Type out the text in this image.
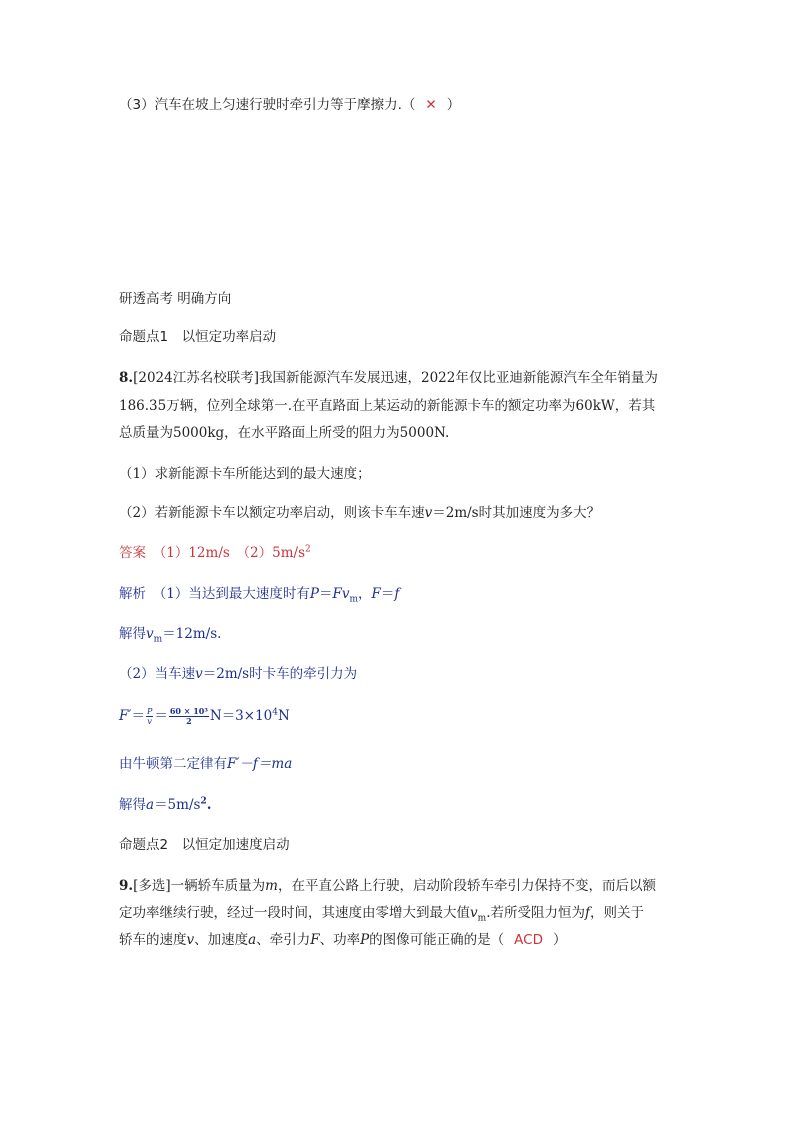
（3）汽车在坡上匀速行驶时牵引力等于摩擦力.（ ✕ ）

研透高考 明确方向

命题点1　以恒定功率启动

8.[2024江苏名校联考]我国新能源汽车发展迅速，2022年仅比亚迪新能源汽车全年销量为

186.35万辆，位列全球第一.在平直路面上某运动的新能源卡车的额定功率为60kW，若其

总质量为5000kg，在水平路面上所受的阻力为5000N.

（1）求新能源卡车所能达到的最大速度；

（2）若新能源卡车以额定功率启动，则该卡车车速v＝2m/s时其加速度为多大？

答案　（1）12m/s　$(2)5m/s^2$

解析　（1）当达到最大速度时有$P=Fv_m$，F＝f

解得$v_m=12m/s$.

（2）当车速v＝2m/s时卡车的牵引力为

$F'= \frac{P}{v} = \frac{\text{60 × 10³}}{2} N=3\times 10^4N$

由牛顿第二定律有F′－f＝ma

解得$a=5m/s^2$.

命题点2　以恒定加速度启动

9.[多选]一辆轿车质量为m，在平直公路上行驶，启动阶段轿车牵引力保持不变，而后以额

定功率继续行驶，经过一段时间，其速度由零增大到最大值$v_m$.若所受阻力恒为f，则关于

轿车的速度v、加速度a、牵引力F、功率P的图像可能正确的是（ ACD ）
